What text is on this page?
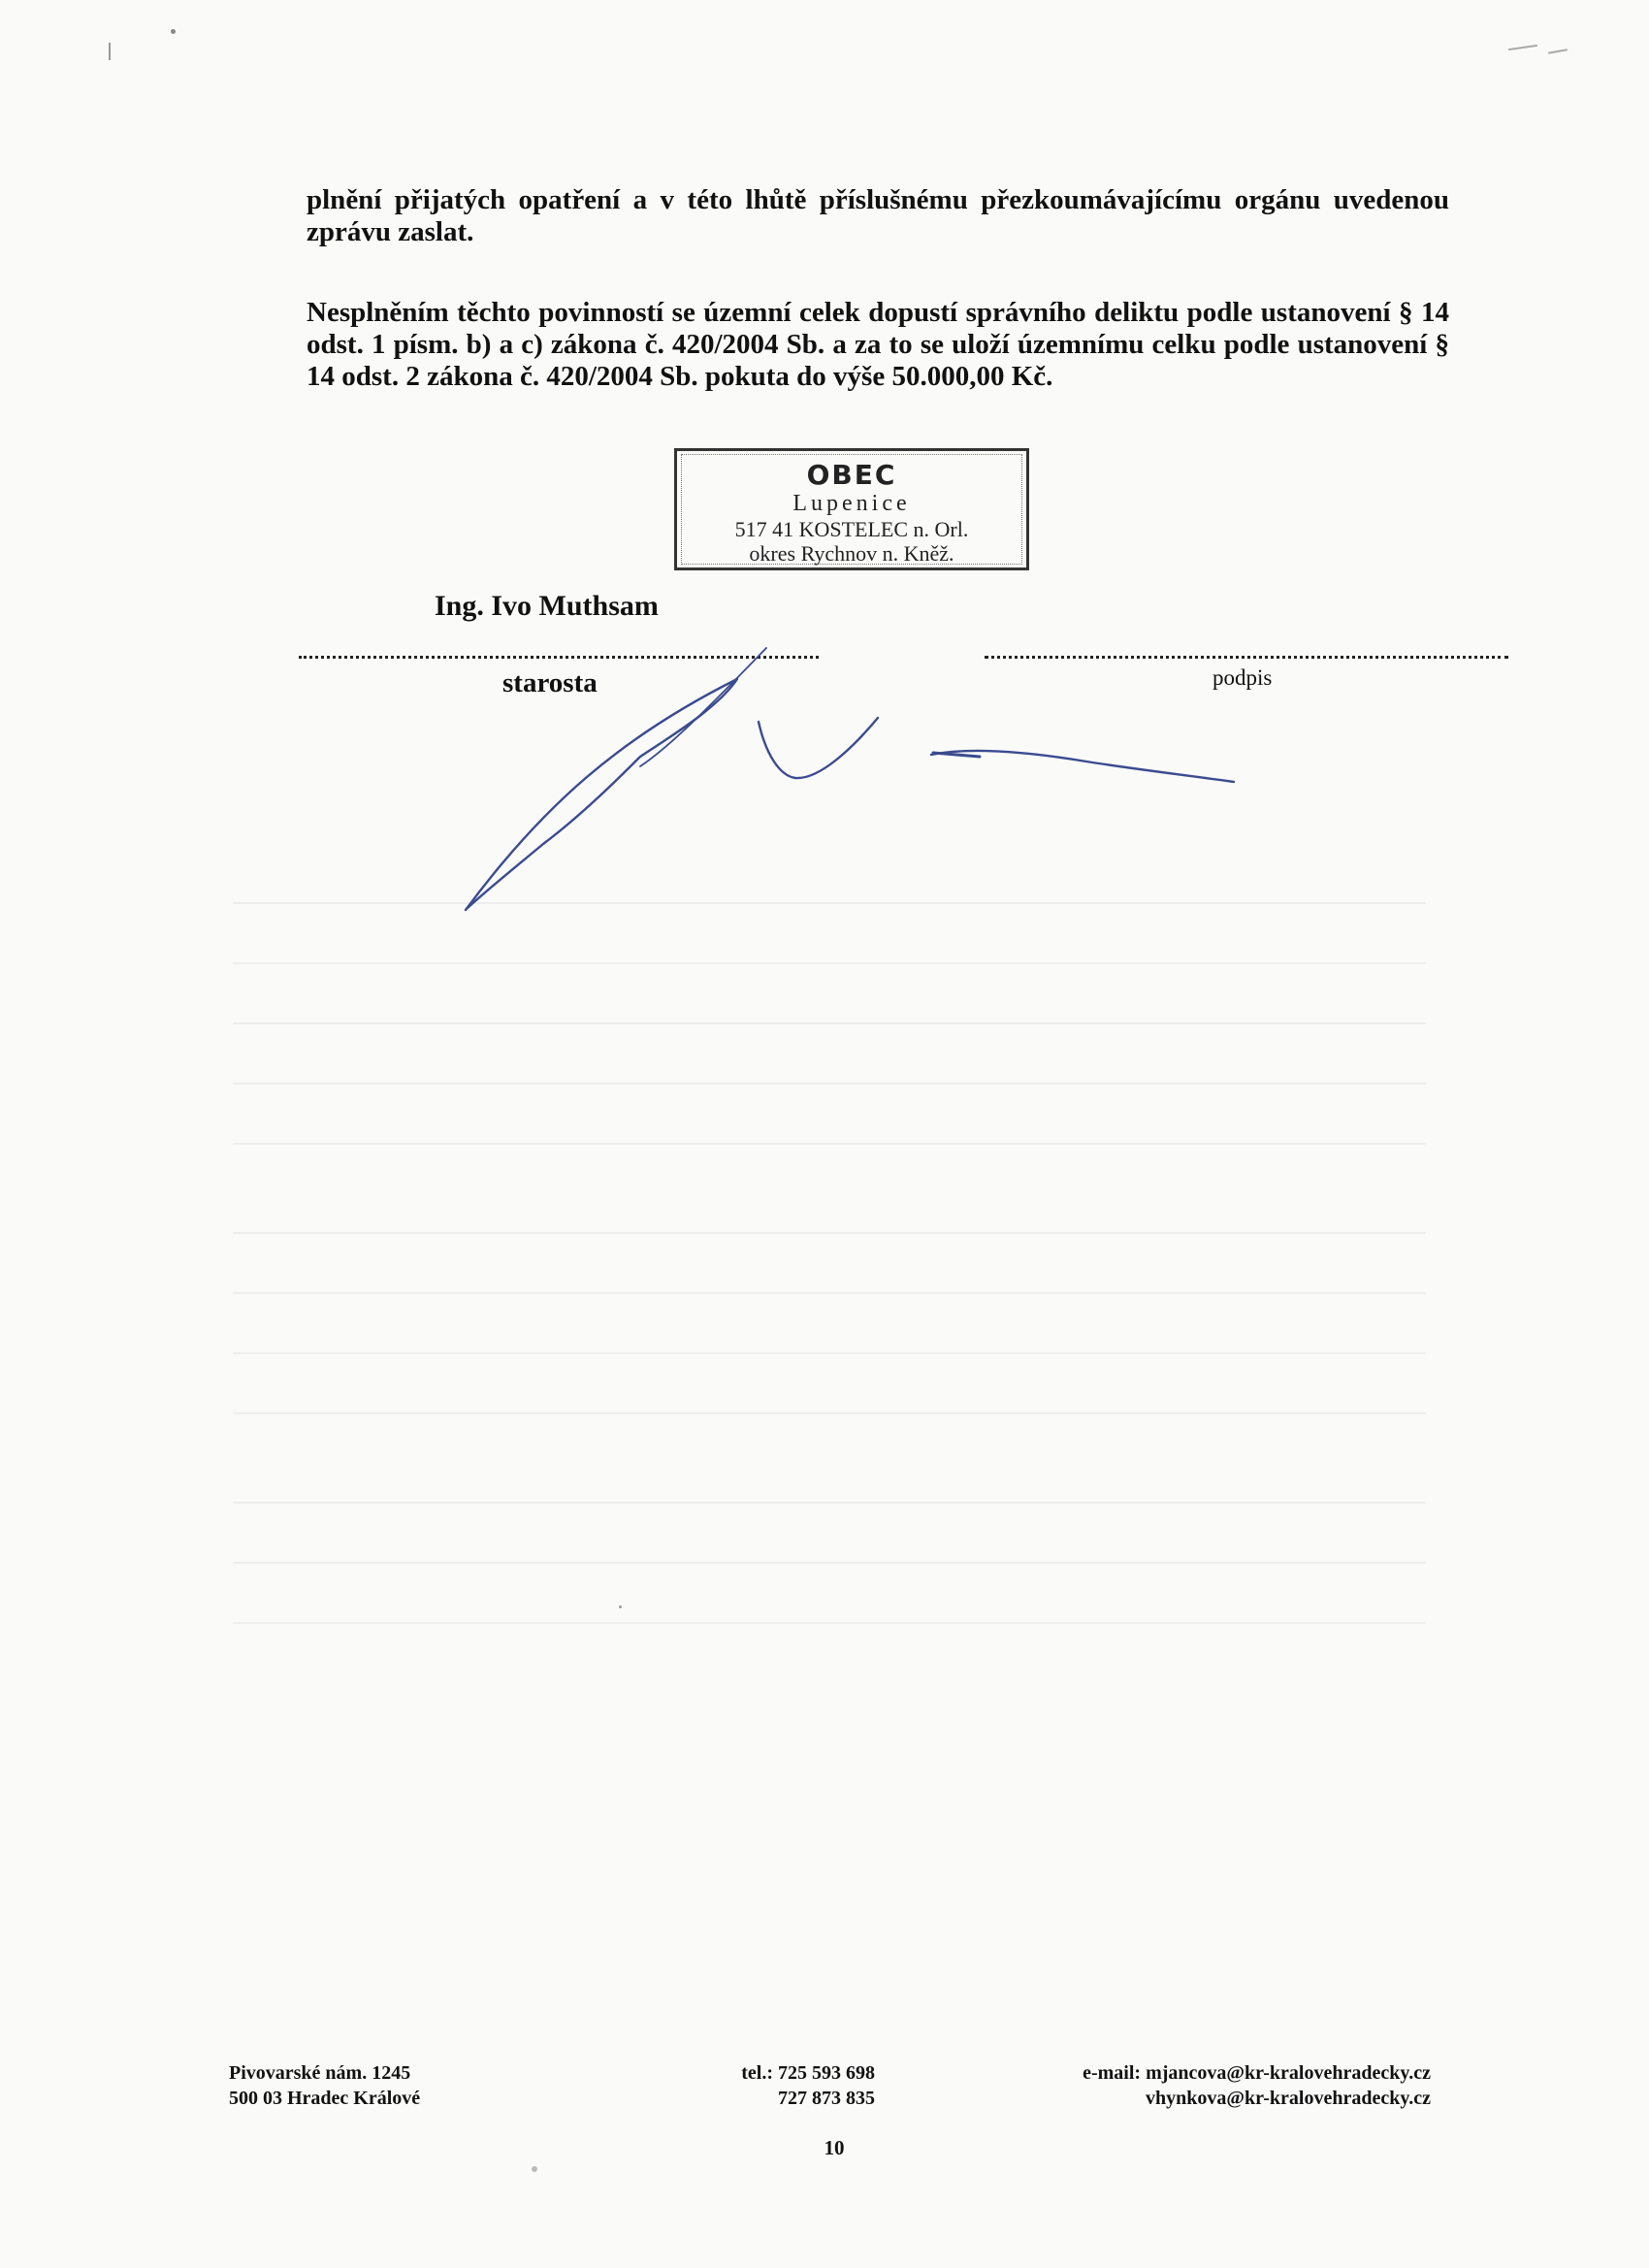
plnění přijatých opatření a v této lhůtě příslušnému přezkoumávajícímu orgánu uvedenou zprávu zaslat.
Nesplněním těchto povinností se územní celek dopustí správního deliktu podle ustanovení § 14 odst. 1 písm. b) a c) zákona č. 420/2004 Sb. a za to se uloží územnímu celku podle ustanovení § 14 odst. 2 zákona č. 420/2004 Sb. pokuta do výše 50.000,00 Kč.
OBEC
Lupenice
517 41 KOSTELEC n. Orl.
okres Rychnov n. Kněž.
Ing. Ivo Muthsam
starosta	podpis
Pivovarské nám. 1245
500 03 Hradec Králové
tel.: 725 593 698
727 873 835
e-mail: mjancova@kr-kralovehradecky.cz
vhynkova@kr-kralovehradecky.cz
10
